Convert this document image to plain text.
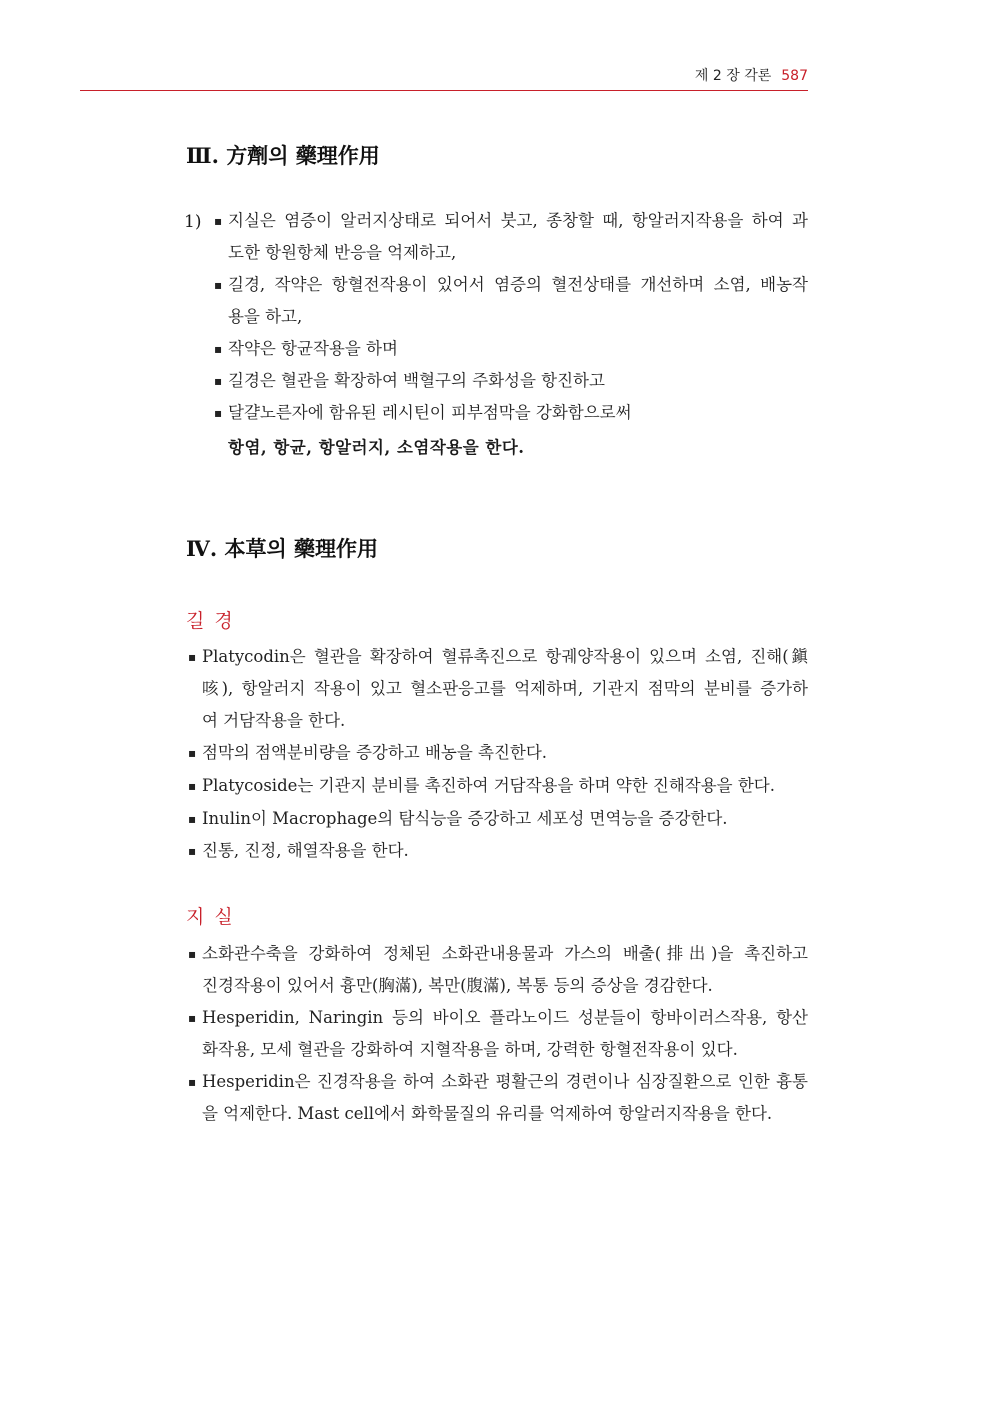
제 2 장 각론 587
Ⅲ. 方劑의 藥理作用
1) ▪ 지실은 염증이 알러지상태로 되어서 붓고, 종창할 때, 항알러지작용을 하여 과
도한 항원항체 반응을 억제하고,
▪ 길경, 작약은 항혈전작용이 있어서 염증의 혈전상태를 개선하며 소염, 배농작
용을 하고,
▪ 작약은 항균작용을 하며
▪ 길경은 혈관을 확장하여 백혈구의 주화성을 항진하고
▪ 달걀노른자에 함유된 레시틴이 피부점막을 강화함으로써
항염, 항균, 항알러지, 소염작용을 한다.
Ⅳ. 本草의 藥理作用
길경
▪ Platycodin은 혈관을 확장하여 혈류촉진으로 항궤양작용이 있으며 소염, 진해(鎭
咳), 항알러지 작용이 있고 혈소판응고를 억제하며, 기관지 점막의 분비를 증가하
여 거담작용을 한다.
▪ 점막의 점액분비량을 증강하고 배농을 촉진한다.
▪ Platycoside는 기관지 분비를 촉진하여 거담작용을 하며 약한 진해작용을 한다.
▪ Inulin이 Macrophage의 탐식능을 증강하고 세포성 면역능을 증강한다.
▪ 진통, 진정, 해열작용을 한다.
지실
▪ 소화관수축을 강화하여 정체된 소화관내용물과 가스의 배출(排出)을 촉진하고
진경작용이 있어서 흉만(胸滿), 복만(腹滿), 복통 등의 증상을 경감한다.
▪ Hesperidin, Naringin 등의 바이오 플라노이드 성분들이 항바이러스작용, 항산
화작용, 모세 혈관을 강화하여 지혈작용을 하며, 강력한 항혈전작용이 있다.
▪ Hesperidin은 진경작용을 하여 소화관 평활근의 경련이나 심장질환으로 인한 흉통
을 억제한다. Mast cell에서 화학물질의 유리를 억제하여 항알러지작용을 한다.
